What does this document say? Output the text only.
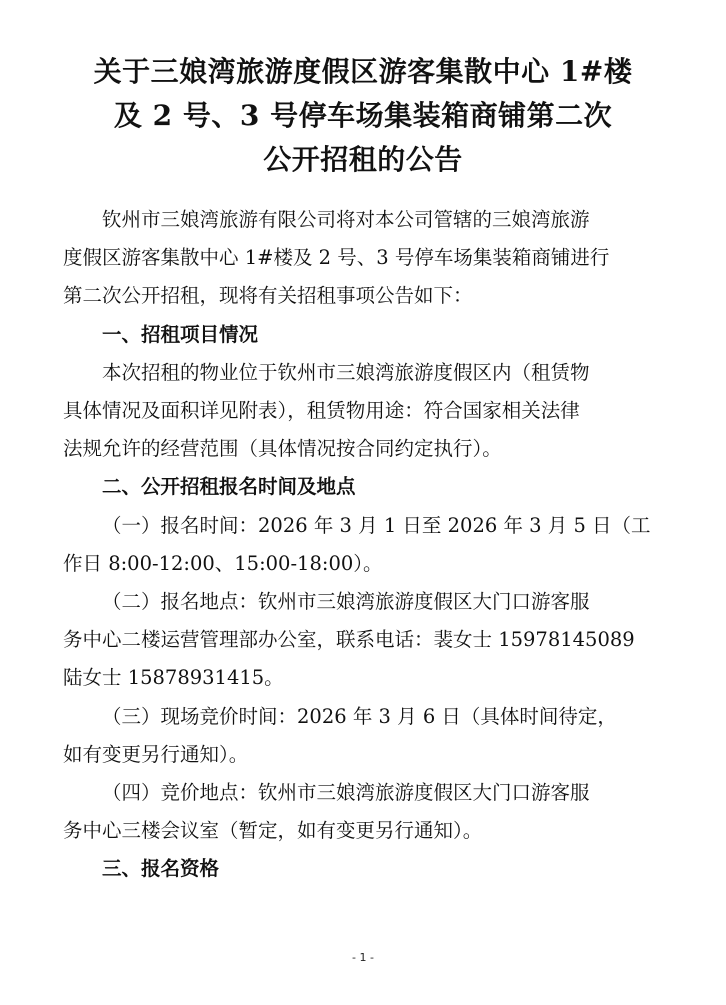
关于三娘湾旅游度假区游客集散中心 1#楼
及 2 号、3 号停车场集装箱商铺第二次
公开招租的公告

钦州市三娘湾旅游有限公司将对本公司管辖的三娘湾旅游
度假区游客集散中心 1#楼及 2 号、3 号停车场集装箱商铺进行
第二次公开招租，现将有关招租事项公告如下：

一、招租项目情况

本次招租的物业位于钦州市三娘湾旅游度假区内（租赁物
具体情况及面积详见附表），租赁物用途：符合国家相关法律
法规允许的经营范围（具体情况按合同约定执行）。

二、公开招租报名时间及地点

（一）报名时间：2026 年 3 月 1 日至 2026 年 3 月 5 日（工
作日 8:00-12:00、15:00-18:00）。

（二）报名地点：钦州市三娘湾旅游度假区大门口游客服
务中心二楼运营管理部办公室，联系电话：裴女士 15978145089
陆女士 15878931415。

（三）现场竞价时间：2026 年 3 月 6 日（具体时间待定，
如有变更另行通知）。

（四）竞价地点：钦州市三娘湾旅游度假区大门口游客服
务中心三楼会议室（暂定，如有变更另行通知）。

三、报名资格

- 1 -
